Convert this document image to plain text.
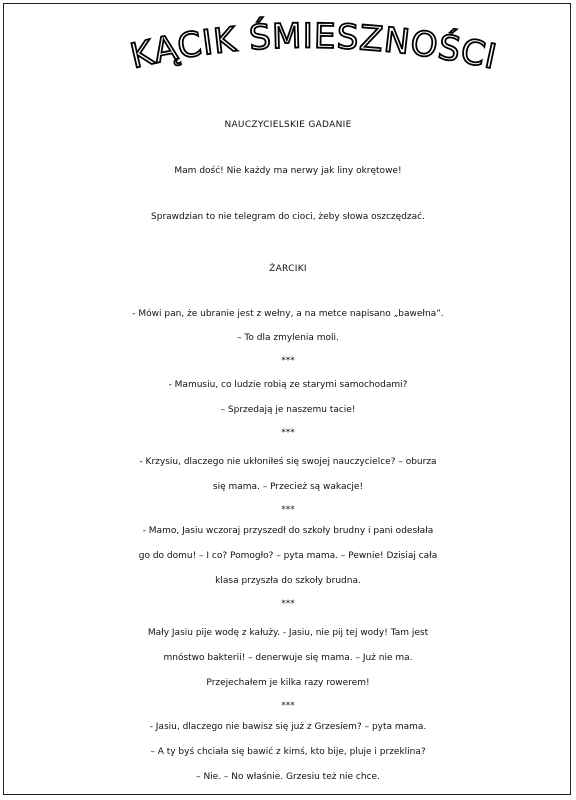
KĄCIK ŚMIESZNOŚCI
NAUCZYCIELSKIE GADANIE
Mam dość! Nie każdy ma nerwy jak liny okrętowe!
Sprawdzian to nie telegram do cioci, żeby słowa oszczędzać.
ŻARCIKI
- Mówi pan, że ubranie jest z wełny, a na metce napisano „bawełna”.
– To dla zmylenia moli.
***
- Mamusiu, co ludzie robią ze starymi samochodami?
– Sprzedają je naszemu tacie!
***
- Krzysiu, dlaczego nie ukłoniłeś się swojej nauczycielce? – oburza
się mama. – Przecież są wakacje!
***
- Mamo, Jasiu wczoraj przyszedł do szkoły brudny i pani odesłała
go do domu! – I co? Pomogło? – pyta mama. – Pewnie! Dzisiaj cała
klasa przyszła do szkoły brudna.
***
Mały Jasiu pije wodę z kałuży. - Jasiu, nie pij tej wody! Tam jest
mnóstwo bakterii! – denerwuje się mama. – Już nie ma.
Przejechałem je kilka razy rowerem!
***
- Jasiu, dlaczego nie bawisz się już z Grzesiem? – pyta mama.
– A ty byś chciała się bawić z kimś, kto bije, pluje i przeklina?
– Nie. – No właśnie. Grzesiu też nie chce.
